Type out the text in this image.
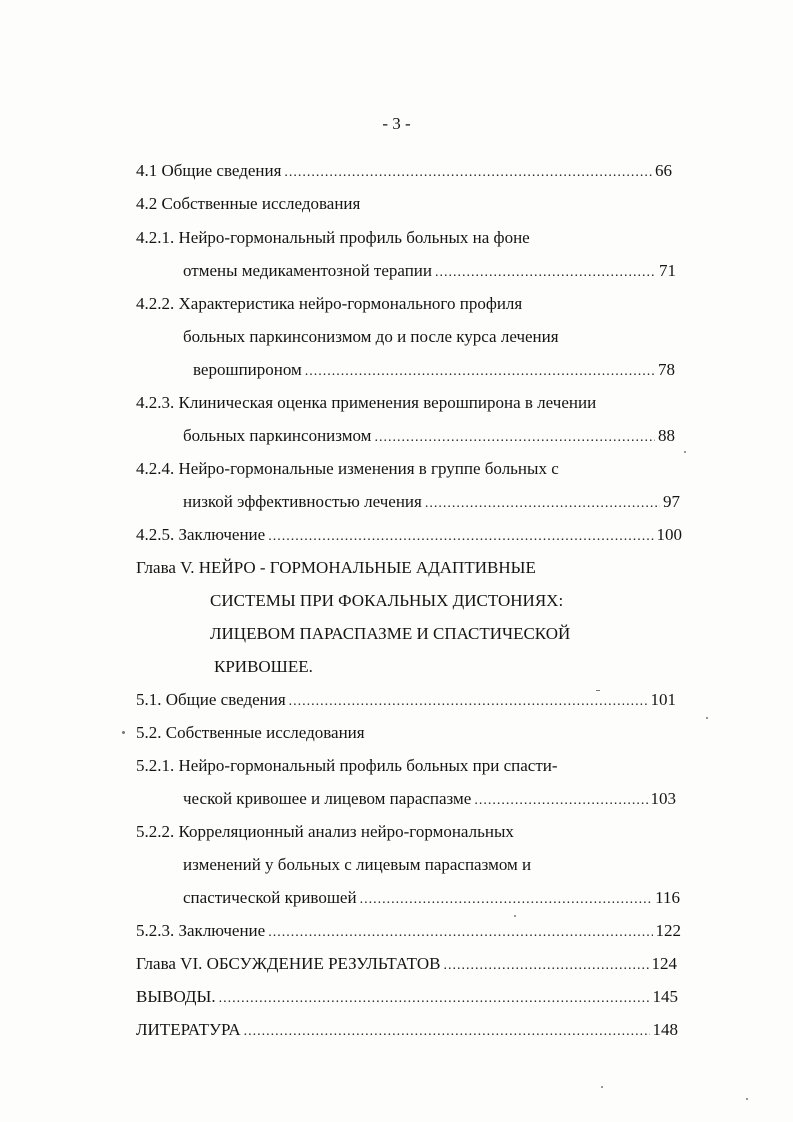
- 3 -
4.1 Общие сведения .....	66
4.2 Собственные исследования
4.2.1. Нейро-гормональный профиль больных на фоне
отмены медикаментозной терапии .....	71
4.2.2. Характеристика нейро-гормонального профиля
больных паркинсонизмом до и после курса лечения
верошпироном .....	78
4.2.3. Клиническая оценка применения верошпирона в лечении
больных паркинсонизмом .....	88
4.2.4. Нейро-гормональные изменения в группе больных с
низкой эффективностью лечения .....	97
4.2.5. Заключение .....	100
Глава V. НЕЙРО - ГОРМОНАЛЬНЫЕ АДАПТИВНЫЕ
СИСТЕМЫ ПРИ ФОКАЛЬНЫХ ДИСТОНИЯХ:
ЛИЦЕВОМ ПАРАСПАЗМЕ И СПАСТИЧЕСКОЙ
КРИВОШЕЕ.
5.1. Общие сведения .....	101
5.2. Собственные исследования
5.2.1. Нейро-гормональный профиль больных при спасти-
ческой кривошее и лицевом параспазме .....	103
5.2.2. Корреляционный анализ нейро-гормональных
изменений у больных с лицевым параспазмом и
спастической кривошей .....	116
5.2.3. Заключение .....	122
Глава VI. ОБСУЖДЕНИЕ РЕЗУЛЬТАТОВ .....	124
ВЫВОДЫ. .....	145
ЛИТЕРАТУРА .....	148
